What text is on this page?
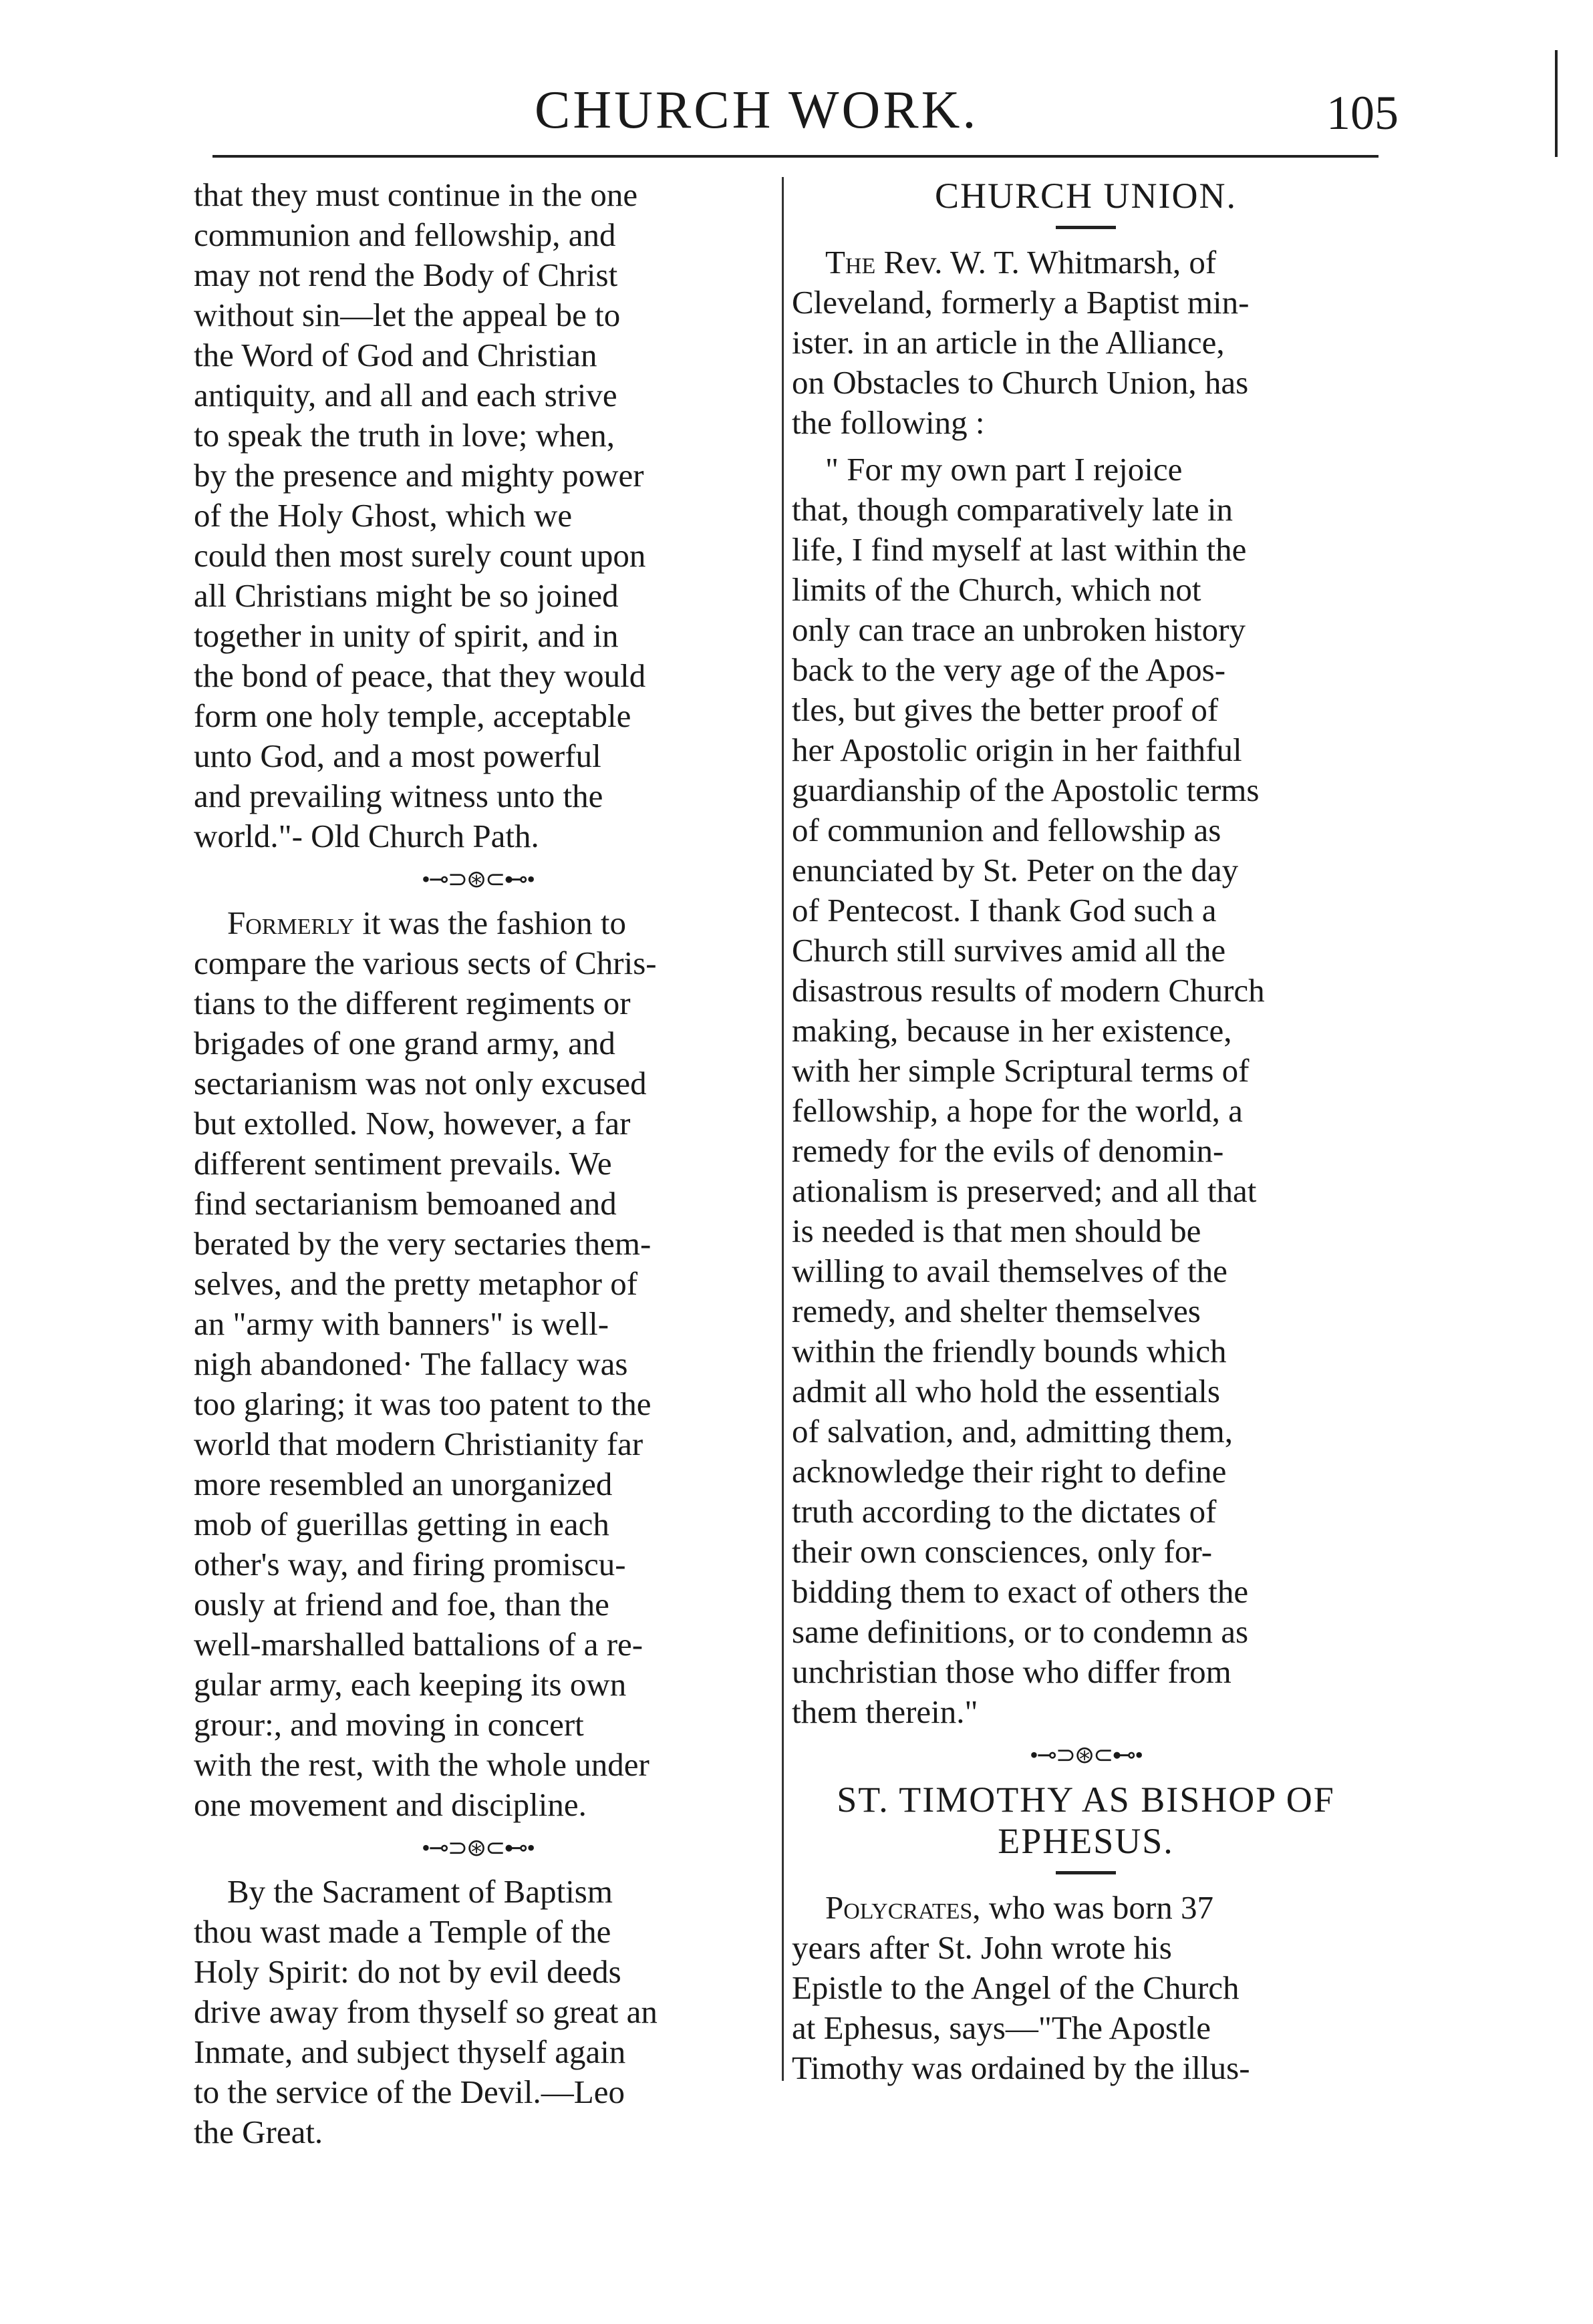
CHURCH WORK.	105

that they must continue in the one
communion and fellowship, and
may not rend the Body of Christ
without sin—let the appeal be to
the Word of God and Christian
antiquity, and all and each strive
to speak the truth in love; when,
by the presence and mighty power
of the Holy Ghost, which we
could then most surely count upon
all Christians might be so joined
together in unity of spirit, and in
the bond of peace, that they would
form one holy temple, acceptable
unto God, and a most powerful
and prevailing witness unto the
world."- Old Church Path.

•⊸⊃⊛⊂⊷•

Formerly it was the fashion to
compare the various sects of Chris-
tians to the different regiments or
brigades of one grand army, and
sectarianism was not only excused
but extolled. Now, however, a far
different sentiment prevails. We
find sectarianism bemoaned and
berated by the very sectaries them-
selves, and the pretty metaphor of
an "army with banners" is well-
nigh abandoned· The fallacy was
too glaring; it was too patent to the
world that modern Christianity far
more resembled an unorganized
mob of guerillas getting in each
other's way, and firing promiscu-
ously at friend and foe, than the
well-marshalled battalions of a re-
gular army, each keeping its own
grour:, and moving in concert
with the rest, with the whole under
one movement and discipline.

•⊸⊃⊛⊂⊷•

By the Sacrament of Baptism
thou wast made a Temple of the
Holy Spirit: do not by evil deeds
drive away from thyself so great an
Inmate, and subject thyself again
to the service of the Devil.—Leo
the Great.

CHURCH UNION.

The Rev. W. T. Whitmarsh, of
Cleveland, formerly a Baptist min-
ister. in an article in the Alliance,
on Obstacles to Church Union, has
the following :

" For my own part I rejoice
that, though comparatively late in
life, I find myself at last within the
limits of the Church, which not
only can trace an unbroken history
back to the very age of the Apos-
tles, but gives the better proof of
her Apostolic origin in her faithful
guardianship of the Apostolic terms
of communion and fellowship as
enunciated by St. Peter on the day
of Pentecost. I thank God such a
Church still survives amid all the
disastrous results of modern Church
making, because in her existence,
with her simple Scriptural terms of
fellowship, a hope for the world, a
remedy for the evils of denomin-
ationalism is preserved; and all that
is needed is that men should be
willing to avail themselves of the
remedy, and shelter themselves
within the friendly bounds which
admit all who hold the essentials
of salvation, and, admitting them,
acknowledge their right to define
truth according to the dictates of
their own consciences, only for-
bidding them to exact of others the
same definitions, or to condemn as
unchristian those who differ from
them therein."

•⊸⊃⊛⊂⊷•

ST. TIMOTHY AS BISHOP OF
EPHESUS.

Polycrates, who was born 37
years after St. John wrote his
Epistle to the Angel of the Church
at Ephesus, says—"The Apostle
Timothy was ordained by the illus-
